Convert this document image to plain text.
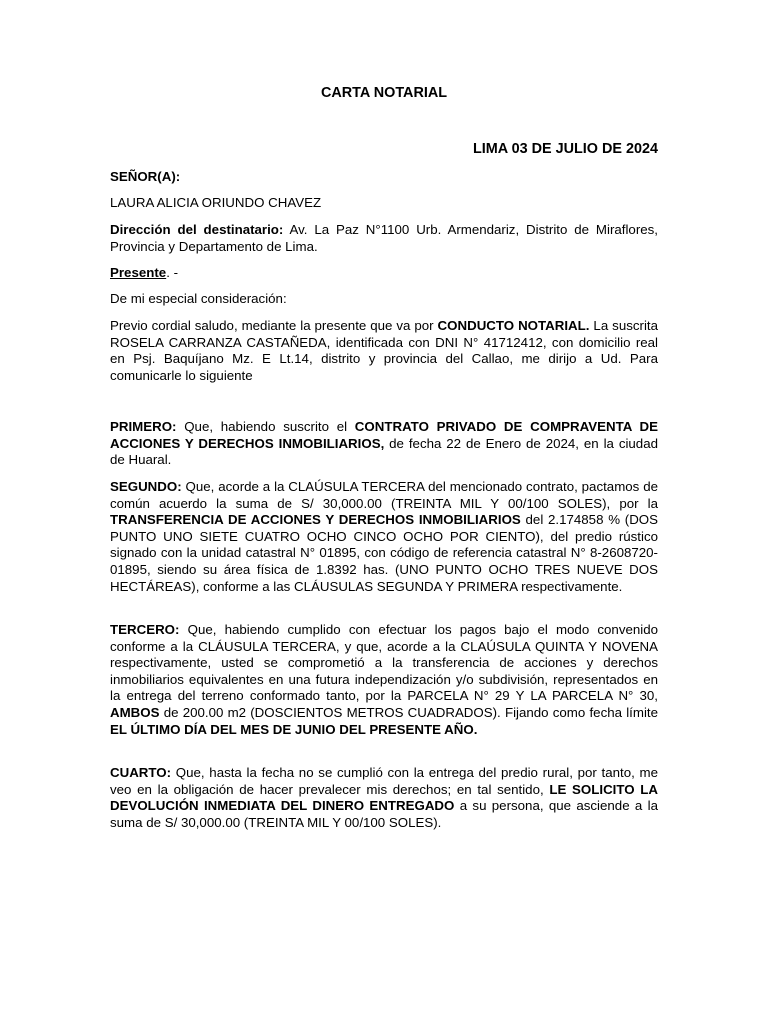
CARTA NOTARIAL
LIMA 03 DE JULIO DE 2024

SEÑOR(A):

LAURA ALICIA ORIUNDO CHAVEZ

Dirección del destinatario: Av. La Paz N°1100 Urb. Armendariz, Distrito de Miraflores, Provincia y Departamento de Lima.

Presente. -

De mi especial consideración:

Previo cordial saludo, mediante la presente que va por CONDUCTO NOTARIAL. La suscrita ROSELA CARRANZA CASTAÑEDA, identificada con DNI N° 41712412, con domicilio real en Psj. Baquíjano Mz. E Lt.14, distrito y provincia del Callao, me dirijo a Ud. Para comunicarle lo siguiente

PRIMERO: Que, habiendo suscrito el CONTRATO PRIVADO DE COMPRAVENTA DE ACCIONES Y DERECHOS INMOBILIARIOS, de fecha 22 de Enero de 2024, en la ciudad de Huaral.

SEGUNDO: Que, acorde a la CLAÚSULA TERCERA del mencionado contrato, pactamos de común acuerdo la suma de S/ 30,000.00 (TREINTA MIL Y 00/100 SOLES), por la TRANSFERENCIA DE ACCIONES Y DERECHOS INMOBILIARIOS del 2.174858 % (DOS PUNTO UNO SIETE CUATRO OCHO CINCO OCHO POR CIENTO), del predio rústico signado con la unidad catastral N° 01895, con código de referencia catastral N° 8-2608720-01895, siendo su área física de 1.8392 has. (UNO PUNTO OCHO TRES NUEVE DOS HECTÁREAS), conforme a las CLÁUSULAS SEGUNDA Y PRIMERA respectivamente.

TERCERO: Que, habiendo cumplido con efectuar los pagos bajo el modo convenido conforme a la CLÁUSULA TERCERA, y que, acorde a la CLAÚSULA QUINTA Y NOVENA respectivamente, usted se comprometió a la transferencia de acciones y derechos inmobiliarios equivalentes en una futura independización y/o subdivisión, representados en la entrega del terreno conformado tanto, por la PARCELA N° 29 Y LA PARCELA N° 30, AMBOS de 200.00 m2 (DOSCIENTOS METROS CUADRADOS). Fijando como fecha límite EL ÚLTIMO DÍA DEL MES DE JUNIO DEL PRESENTE AÑO.

CUARTO: Que, hasta la fecha no se cumplió con la entrega del predio rural, por tanto, me veo en la obligación de hacer prevalecer mis derechos; en tal sentido, LE SOLICITO LA DEVOLUCIÓN INMEDIATA DEL DINERO ENTREGADO a su persona, que asciende a la suma de S/ 30,000.00 (TREINTA MIL Y 00/100 SOLES).
